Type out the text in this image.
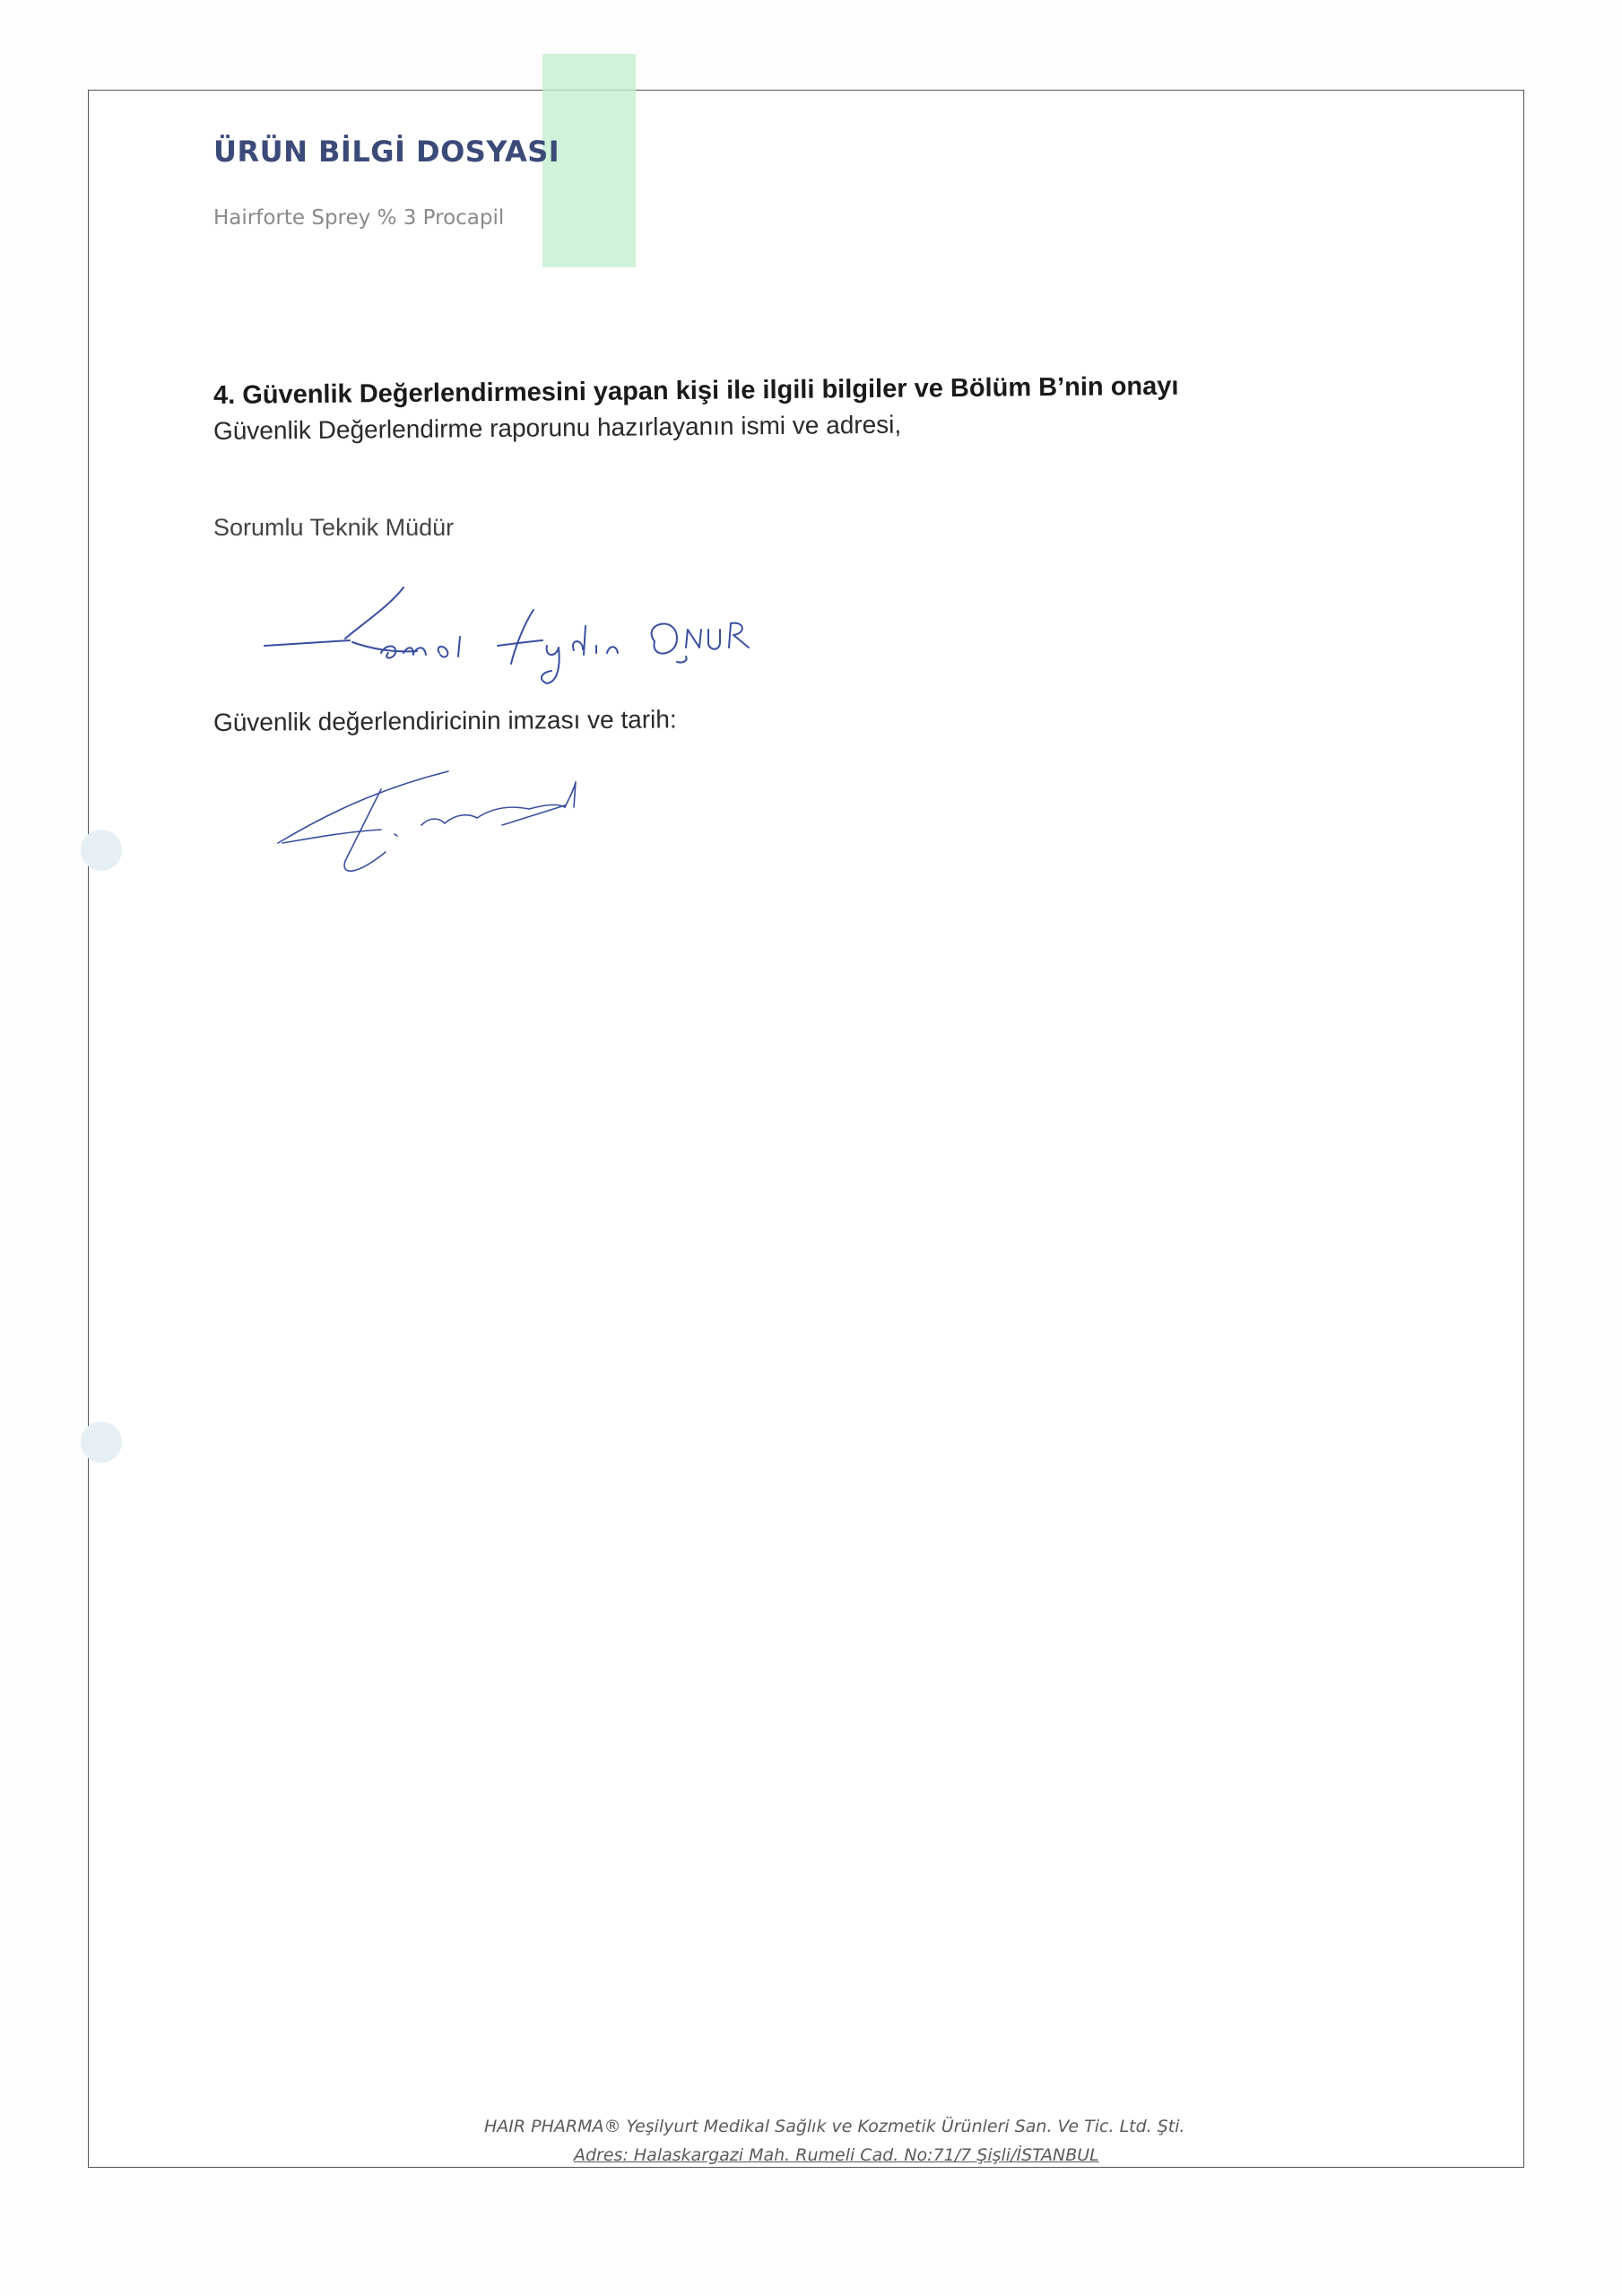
ÜRÜN BİLGİ DOSYASI
Hairforte Sprey % 3 Procapil
4. Güvenlik Değerlendirmesini yapan kişi ile ilgili bilgiler ve Bölüm B’nin onayı
Güvenlik Değerlendirme raporunu hazırlayanın ismi ve adresi,
Sorumlu Teknik Müdür
Güvenlik değerlendiricinin imzası ve tarih:
HAIR PHARMA® Yeşilyurt Medikal Sağlık ve Kozmetik Ürünleri San. Ve Tic. Ltd. Şti.
Adres: Halaskargazi Mah. Rumeli Cad. No:71/7 Şişli/İSTANBUL
